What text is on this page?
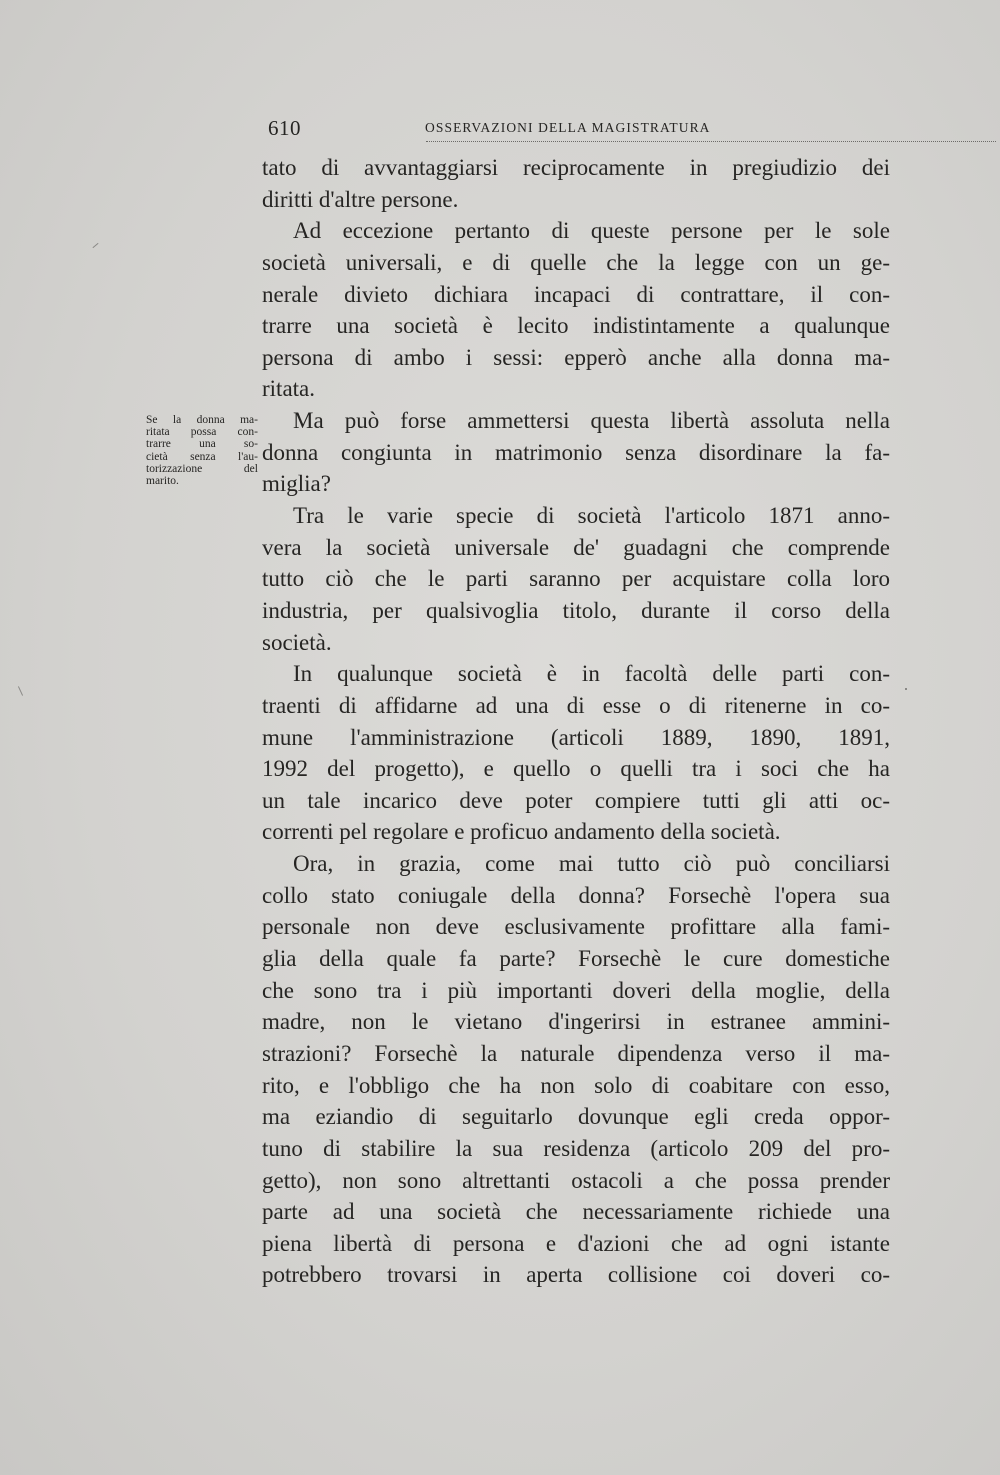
610	OSSERVAZIONI DELLA MAGISTRATURA
Se la donna ma-
ritata possa con-
trarre una so-
cietà senza l'au-
torizzazione del
marito.
tato di avvantaggiarsi reciprocamente in pregiudizio dei
diritti d'altre persone.
Ad eccezione pertanto di queste persone per le sole
società universali, e di quelle che la legge con un ge-
nerale divieto dichiara incapaci di contrattare, il con-
trarre una società è lecito indistintamente a qualunque
persona di ambo i sessi: epperò anche alla donna ma-
ritata.
Ma può forse ammettersi questa libertà assoluta nella
donna congiunta in matrimonio senza disordinare la fa-
miglia?
Tra le varie specie di società l'articolo 1871 anno-
vera la società universale de' guadagni che comprende
tutto ciò che le parti saranno per acquistare colla loro
industria, per qualsivoglia titolo, durante il corso della
società.
In qualunque società è in facoltà delle parti con-
traenti di affidarne ad una di esse o di ritenerne in co-
mune l'amministrazione (articoli 1889, 1890, 1891,
1992 del progetto), e quello o quelli tra i soci che ha
un tale incarico deve poter compiere tutti gli atti oc-
correnti pel regolare e proficuo andamento della società.
Ora, in grazia, come mai tutto ciò può conciliarsi
collo stato coniugale della donna? Forsechè l'opera sua
personale non deve esclusivamente profittare alla fami-
glia della quale fa parte? Forsechè le cure domestiche
che sono tra i più importanti doveri della moglie, della
madre, non le vietano d'ingerirsi in estranee ammini-
strazioni? Forsechè la naturale dipendenza verso il ma-
rito, e l'obbligo che ha non solo di coabitare con esso,
ma eziandio di seguitarlo dovunque egli creda oppor-
tuno di stabilire la sua residenza (articolo 209 del pro-
getto), non sono altrettanti ostacoli a che possa prender
parte ad una società che necessariamente richiede una
piena libertà di persona e d'azioni che ad ogni istante
potrebbero trovarsi in aperta collisione coi doveri co-
